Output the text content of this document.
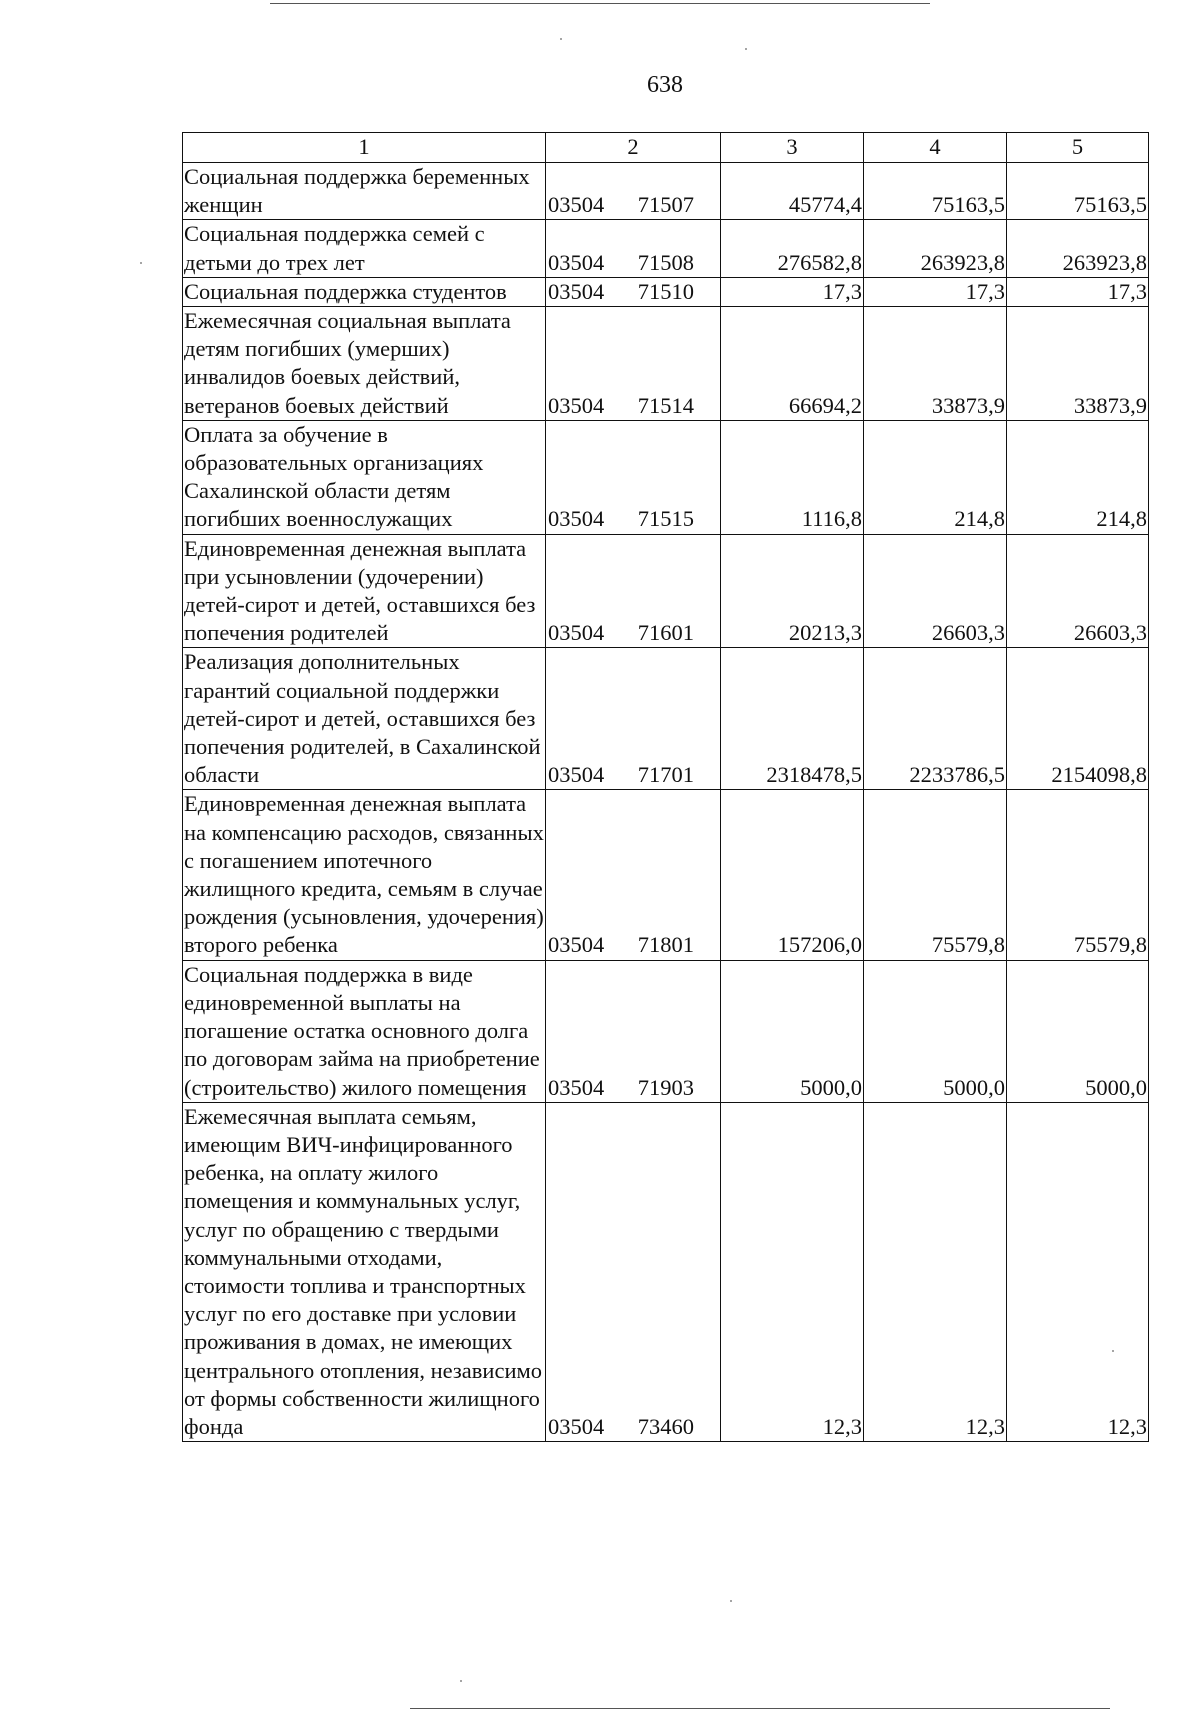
638
1	2	3	4	5
Социальная поддержка беременных женщин	03504 71507	45774,4	75163,5	75163,5
Социальная поддержка семей с детьми до трех лет	03504 71508	276582,8	263923,8	263923,8
Социальная поддержка студентов	03504 71510	17,3	17,3	17,3
Ежемесячная социальная выплата детям погибших (умерших) инвалидов боевых действий, ветеранов боевых действий	03504 71514	66694,2	33873,9	33873,9
Оплата за обучение в образовательных организациях Сахалинской области детям погибших военнослужащих	03504 71515	1116,8	214,8	214,8
Единовременная денежная выплата при усыновлении (удочерении) детей-сирот и детей, оставшихся без попечения родителей	03504 71601	20213,3	26603,3	26603,3
Реализация дополнительных гарантий социальной поддержки детей-сирот и детей, оставшихся без попечения родителей, в Сахалинской области	03504 71701	2318478,5	2233786,5	2154098,8
Единовременная денежная выплата на компенсацию расходов, связанных с погашением ипотечного жилищного кредита, семьям в случае рождения (усыновления, удочерения) второго ребенка	03504 71801	157206,0	75579,8	75579,8
Социальная поддержка в виде единовременной выплаты на погашение остатка основного долга по договорам займа на приобретение (строительство) жилого помещения	03504 71903	5000,0	5000,0	5000,0
Ежемесячная выплата семьям, имеющим ВИЧ-инфицированного ребенка, на оплату жилого помещения и коммунальных услуг, услуг по обращению с твердыми коммунальными отходами, стоимости топлива и транспортных услуг по его доставке при условии проживания в домах, не имеющих центрального отопления, независимо от формы собственности жилищного фонда	03504 73460	12,3	12,3	12,3
